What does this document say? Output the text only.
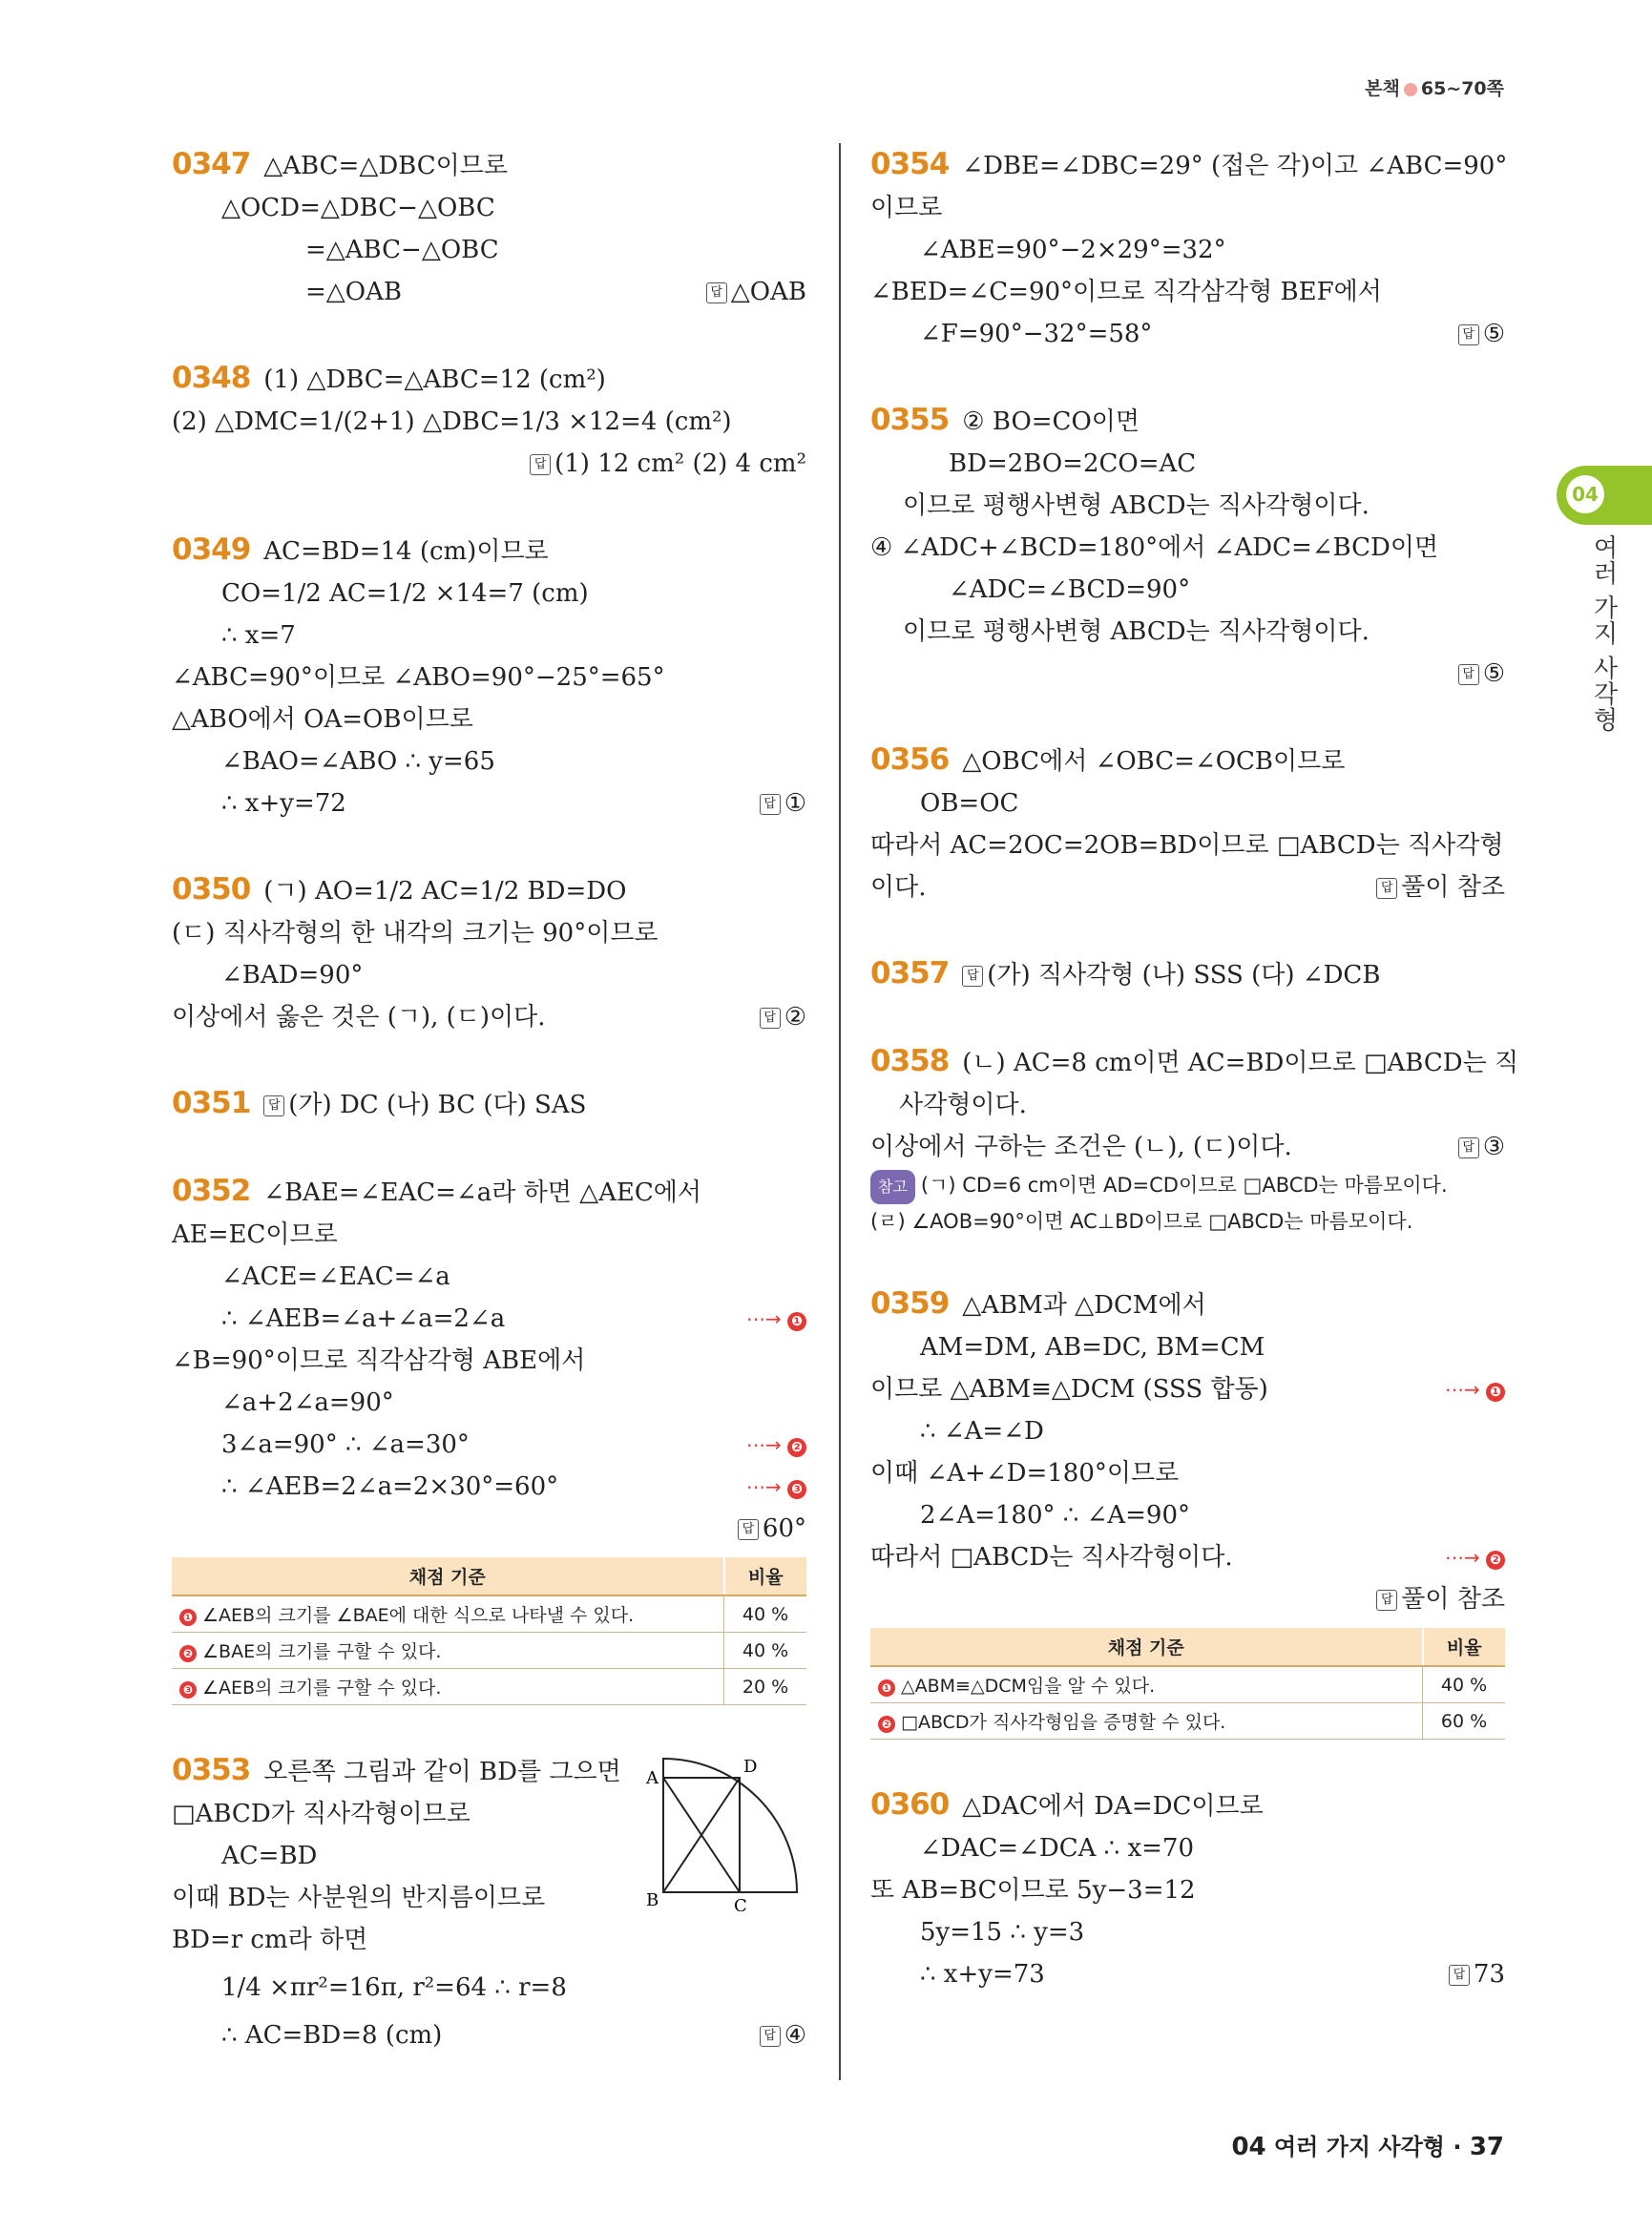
본책 65~70쪽
04
여러 가지 사각형
0347 △ABC=△DBC이므로
△OCD=△DBC−△OBC
=△ABC−△OBC
=△OAB	답 △OAB
0348 (1) △DBC=△ABC=12 (cm²)
(2) △DMC=1/(2+1) △DBC=1/3 ×12=4 (cm²)
답 (1) 12 cm² (2) 4 cm²
0349 AC=BD=14 (cm)이므로
CO=1/2 AC=1/2 ×14=7 (cm)
∴ x=7
∠ABC=90°이므로 ∠ABO=90°−25°=65°
△ABO에서 OA=OB이므로
∠BAO=∠ABO ∴ y=65
∴ x+y=72	답 ①
0350 (ㄱ) AO=1/2 AC=1/2 BD=DO
(ㄷ) 직사각형의 한 내각의 크기는 90°이므로
∠BAD=90°
이상에서 옳은 것은 (ㄱ), (ㄷ)이다.	답 ②
0351 답 (가) DC (나) BC (다) SAS
0352 ∠BAE=∠EAC=∠a라 하면 △AEC에서
AE=EC이므로
∠ACE=∠EAC=∠a
∴ ∠AEB=∠a+∠a=2∠a	⋯→ ❶
∠B=90°이므로 직각삼각형 ABE에서
∠a+2∠a=90°
3∠a=90° ∴ ∠a=30°	⋯→ ❷
∴ ∠AEB=2∠a=2×30°=60°	⋯→ ❸
답 60°
채점 기준	비율
❶ ∠AEB의 크기를 ∠BAE에 대한 식으로 나타낼 수 있다.	40 %
❷ ∠BAE의 크기를 구할 수 있다.	40 %
❸ ∠AEB의 크기를 구할 수 있다.	20 %
A
D
B	C
0353 오른쪽 그림과 같이 BD를 그으면
□ABCD가 직사각형이므로
AC=BD
이때 BD는 사분원의 반지름이므로
BD=r cm라 하면
1/4 ×πr²=16π, r²=64 ∴ r=8
∴ AC=BD=8 (cm)	답 ④
0354 ∠DBE=∠DBC=29° (접은 각)이고 ∠ABC=90°
이므로
∠ABE=90°−2×29°=32°
∠BED=∠C=90°이므로 직각삼각형 BEF에서
∠F=90°−32°=58°	답 ⑤
0355 ② BO=CO이면
BD=2BO=2CO=AC
이므로 평행사변형 ABCD는 직사각형이다.
④ ∠ADC+∠BCD=180°에서 ∠ADC=∠BCD이면
∠ADC=∠BCD=90°
이므로 평행사변형 ABCD는 직사각형이다.
답 ⑤
0356 △OBC에서 ∠OBC=∠OCB이므로
OB=OC
따라서 AC=2OC=2OB=BD이므로 □ABCD는 직사각형
이다.	답 풀이 참조
0357 답 (가) 직사각형 (나) SSS (다) ∠DCB
0358 (ㄴ) AC=8 cm이면 AC=BD이므로 □ABCD는 직
사각형이다.
이상에서 구하는 조건은 (ㄴ), (ㄷ)이다.	답 ③
참고 (ㄱ) CD=6 cm이면 AD=CD이므로 □ABCD는 마름모이다.
(ㄹ) ∠AOB=90°이면 AC⊥BD이므로 □ABCD는 마름모이다.
0359 △ABM과 △DCM에서
AM=DM, AB=DC, BM=CM
이므로 △ABM≡△DCM (SSS 합동)	⋯→ ❶
∴ ∠A=∠D
이때 ∠A+∠D=180°이므로
2∠A=180° ∴ ∠A=90°
따라서 □ABCD는 직사각형이다.	⋯→ ❷
답 풀이 참조
채점 기준	비율
❶ △ABM≡△DCM임을 알 수 있다.	40 %
❷ □ABCD가 직사각형임을 증명할 수 있다.	60 %
0360 △DAC에서 DA=DC이므로
∠DAC=∠DCA ∴ x=70
또 AB=BC이므로 5y−3=12
5y=15 ∴ y=3
∴ x+y=73	답 73
04 여러 가지 사각형 · 37
